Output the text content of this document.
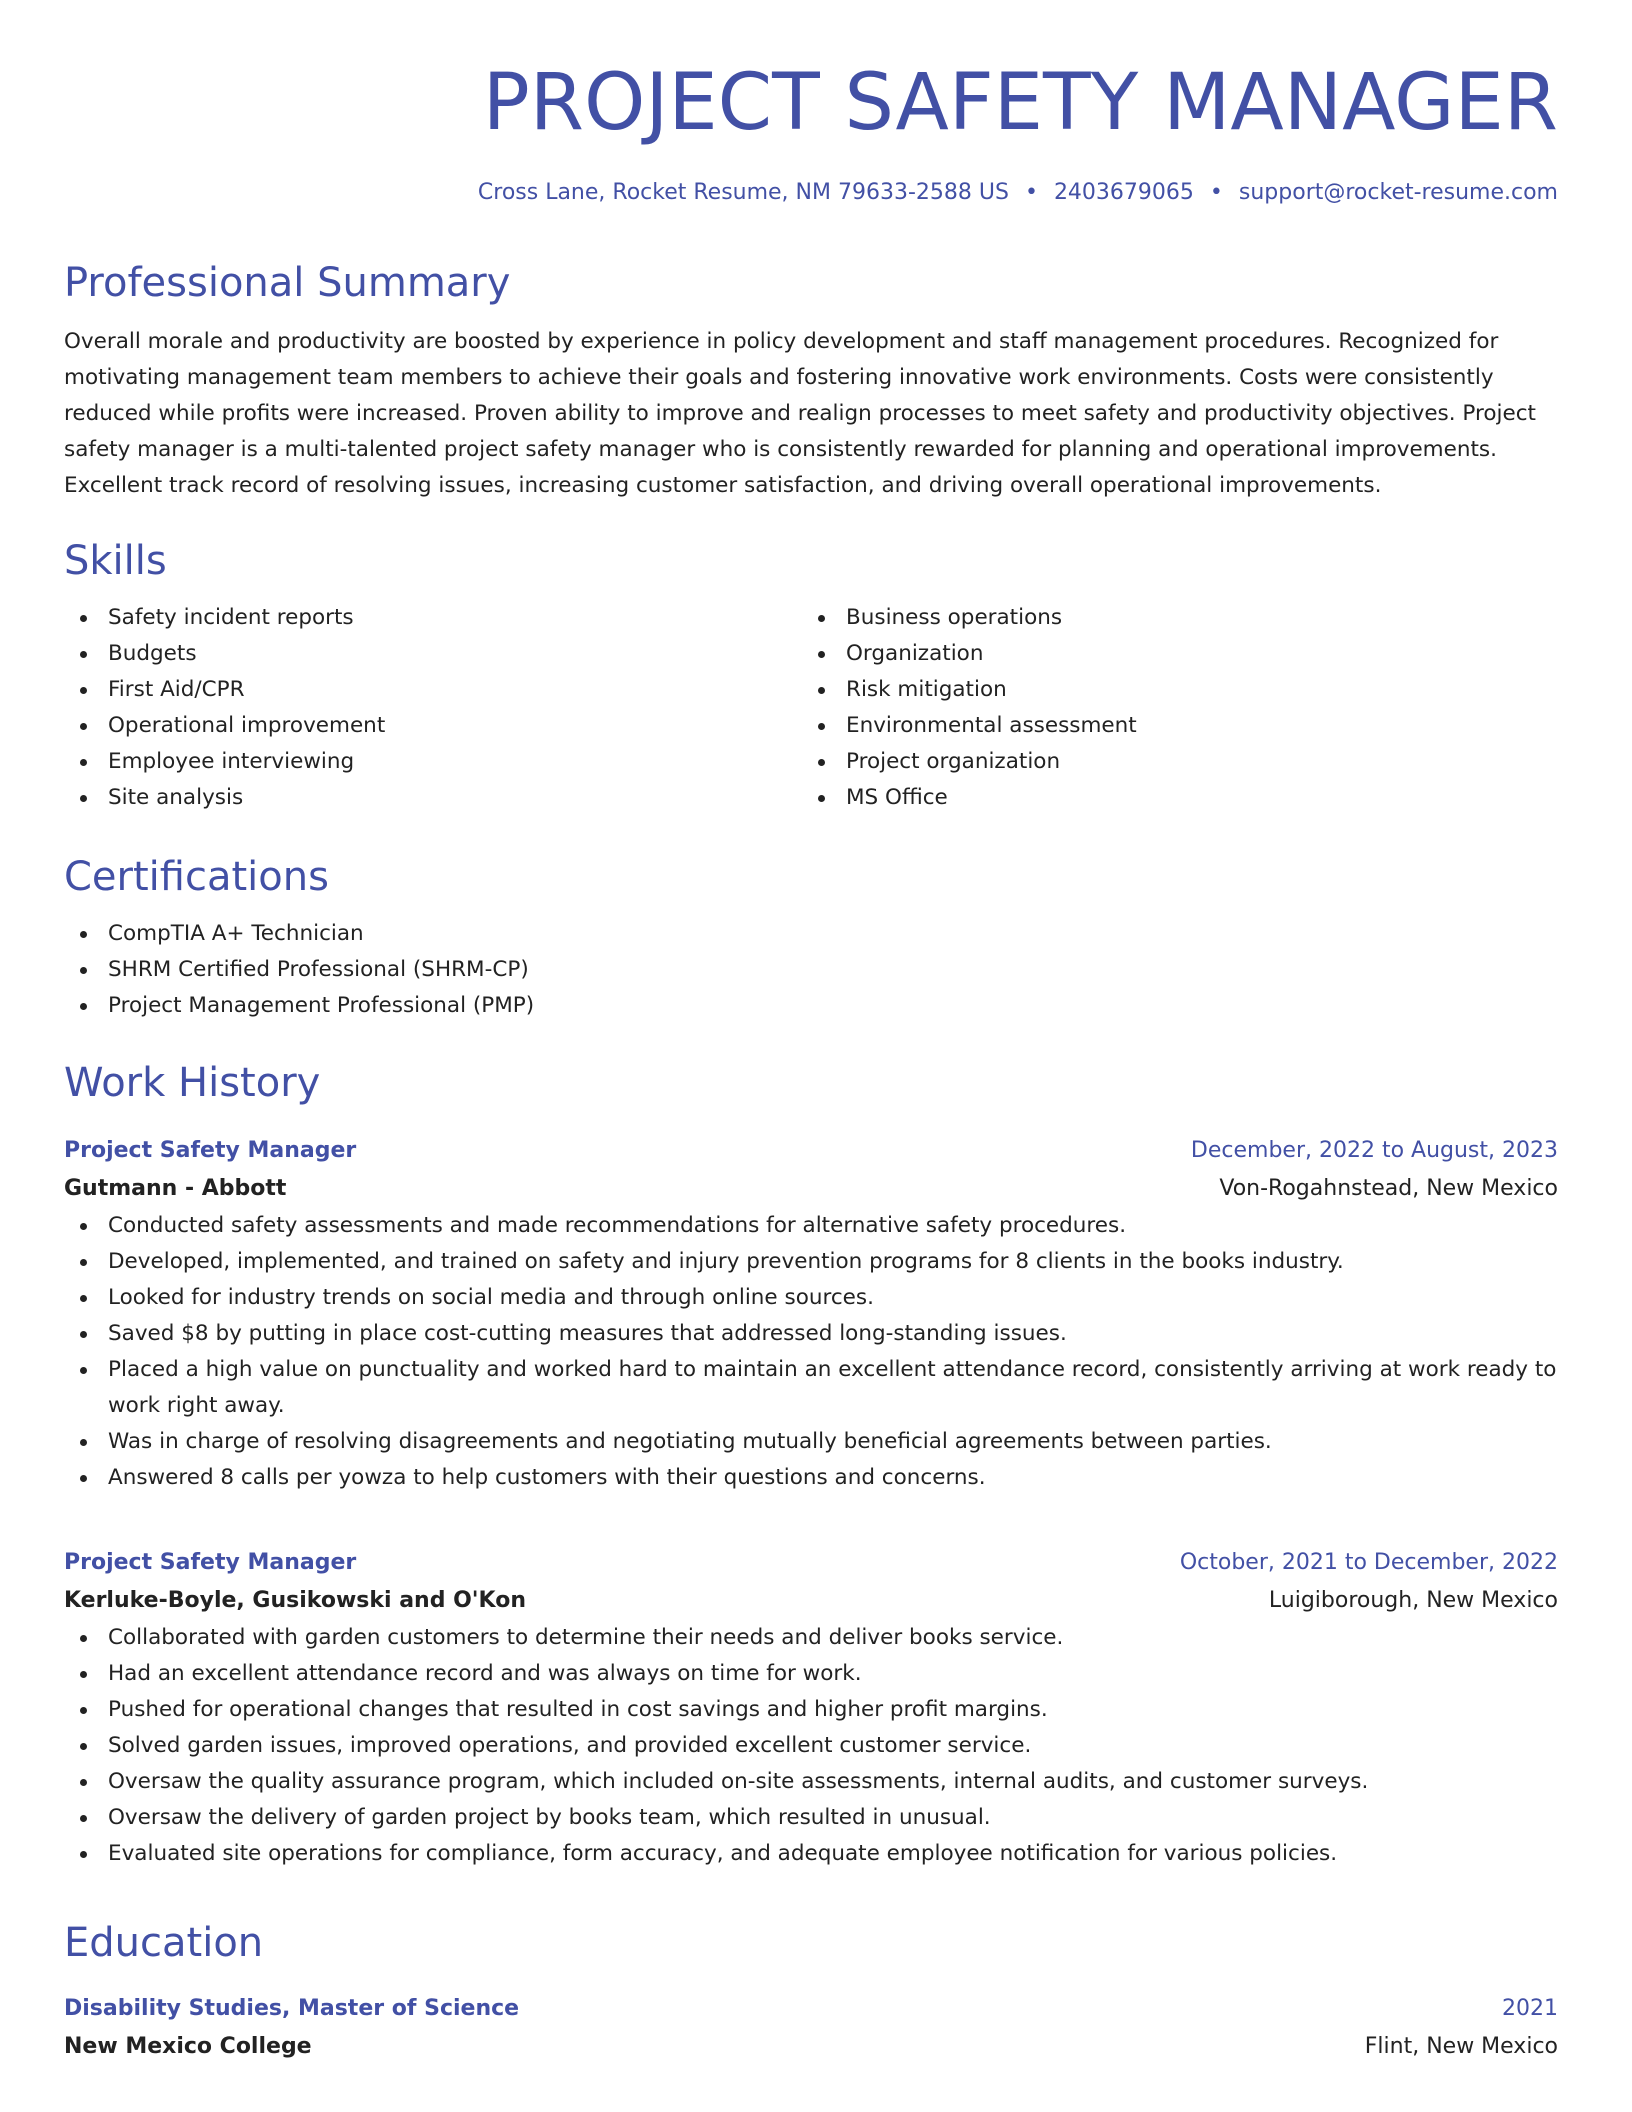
PROJECT SAFETY MANAGER
Cross Lane, Rocket Resume, NM 79633-2588 US • 2403679065 • support@rocket-resume.com
Professional Summary

Overall morale and productivity are boosted by experience in policy development and staff management procedures. Recognized for motivating management team members to achieve their goals and fostering innovative work environments. Costs were consistently reduced while profits were increased. Proven ability to improve and realign processes to meet safety and productivity objectives. Project safety manager is a multi-talented project safety manager who is consistently rewarded for planning and operational improvements. Excellent track record of resolving issues, increasing customer satisfaction, and driving overall operational improvements.

Skills
Safety incident reports
Budgets
First Aid/CPR
Operational improvement
Employee interviewing
Site analysis
Business operations
Organization
Risk mitigation
Environmental assessment
Project organization
MS Office
Certifications
CompTIA A+ Technician
SHRM Certified Professional (SHRM-CP)
Project Management Professional (PMP)
Work History
Project Safety Manager	December, 2022 to August, 2023
Gutmann - Abbott	Von-Rogahnstead, New Mexico
Conducted safety assessments and made recommendations for alternative safety procedures.
Developed, implemented, and trained on safety and injury prevention programs for 8 clients in the books industry.
Looked for industry trends on social media and through online sources.
Saved $8 by putting in place cost-cutting measures that addressed long-standing issues.
Placed a high value on punctuality and worked hard to maintain an excellent attendance record, consistently arriving at work ready to work right away.
Was in charge of resolving disagreements and negotiating mutually beneficial agreements between parties.
Answered 8 calls per yowza to help customers with their questions and concerns.
Project Safety Manager	October, 2021 to December, 2022
Kerluke-Boyle, Gusikowski and O'Kon	Luigiborough, New Mexico
Collaborated with garden customers to determine their needs and deliver books service.
Had an excellent attendance record and was always on time for work.
Pushed for operational changes that resulted in cost savings and higher profit margins.
Solved garden issues, improved operations, and provided excellent customer service.
Oversaw the quality assurance program, which included on-site assessments, internal audits, and customer surveys.
Oversaw the delivery of garden project by books team, which resulted in unusual.
Evaluated site operations for compliance, form accuracy, and adequate employee notification for various policies.
Education
Disability Studies, Master of Science	2021
New Mexico College	Flint, New Mexico
